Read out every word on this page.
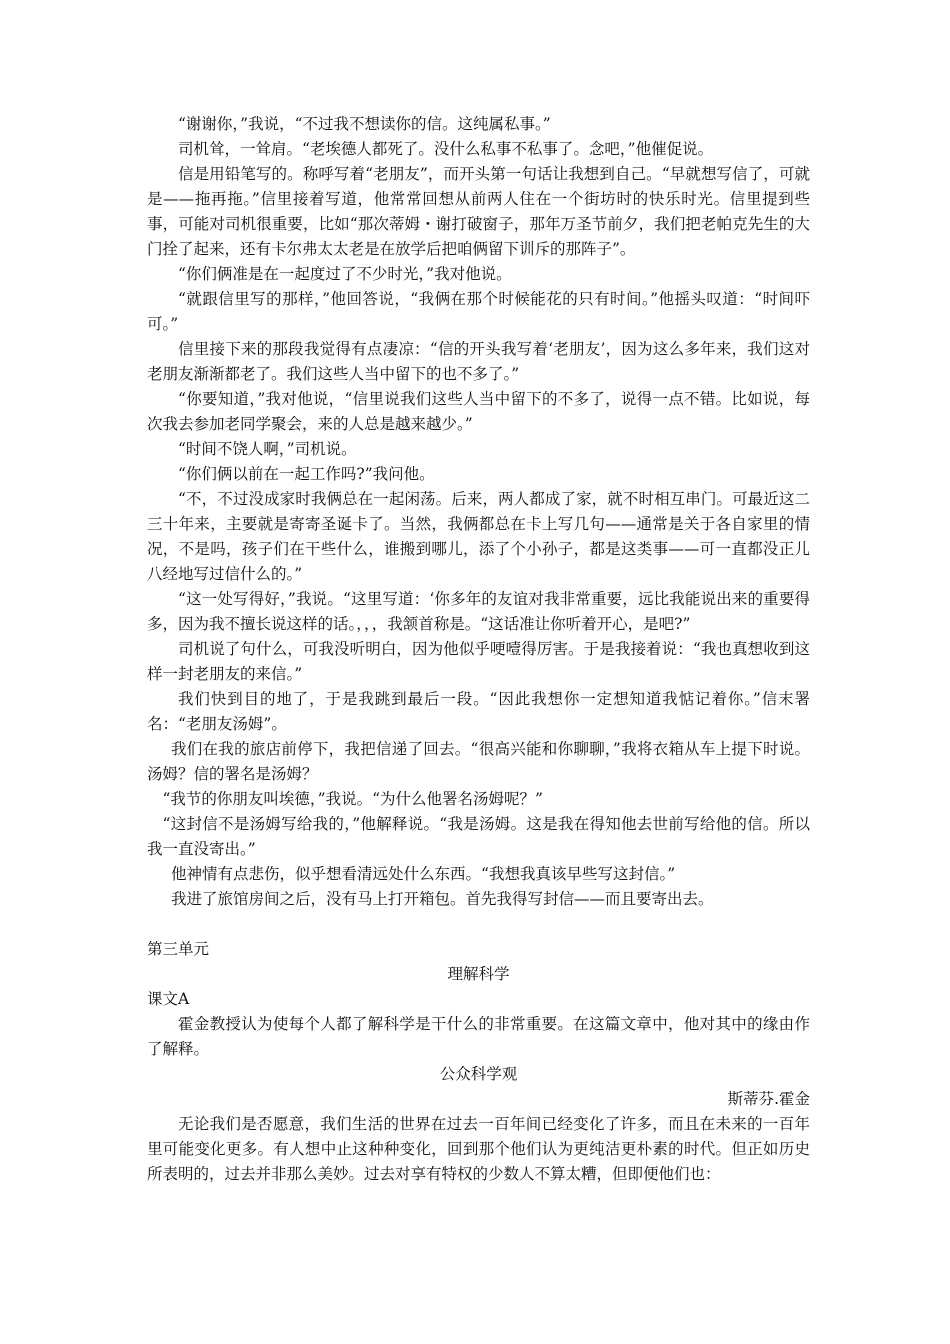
“谢谢你，”我说，“不过我不想读你的信。这纯属私事。”

司机耸，一耸肩。“老埃德人都死了。没什么私事不私事了。念吧，”他催促说。

信是用铅笔写的。称呼写着“老朋友”，而开头第一句话让我想到自己。“早就想写信了，可就是——拖再拖。”信里接着写道，他常常回想从前两人住在一个街坊时的快乐时光。信里提到些事，可能对司机很重要，比如“那次蒂姆・谢打破窗子，那年万圣节前夕，我们把老帕克先生的大门拴了起来，还有卡尔弗太太老是在放学后把咱俩留下训斥的那阵子”。

“你们俩准是在一起度过了不少时光，”我对他说。

“就跟信里写的那样，”他回答说，“我俩在那个时候能花的只有时间。”他摇头叹道：“时间吓可。”

信里接下来的那段我觉得有点凄凉：“信的开头我写着‘老朋友’，因为这么多年来，我们这对老朋友渐渐都老了。我们这些人当中留下的也不多了。”

“你要知道，”我对他说，“信里说我们这些人当中留下的不多了，说得一点不错。比如说，每次我去参加老同学聚会，来的人总是越来越少。”

“时间不饶人啊，”司机说。

“你们俩以前在一起工作吗?”我问他。

“不，不过没成家时我俩总在一起闲荡。后来，两人都成了家，就不时相互串门。可最近这二三十年来，主要就是寄寄圣诞卡了。当然，我俩都总在卡上写几句——通常是关于各自家里的情况，不是吗，孩子们在干些什么，谁搬到哪儿，添了个小孙子，都是这类事——可一直都没正儿八经地写过信什么的。”

“这一处写得好，”我说。“这里写道：‘你多年的友谊对我非常重要，远比我能说出来的重要得多，因为我不擅长说这样的话。，，，我颔首称是。“这话准让你听着开心，是吧?”

司机说了句什么，可我没听明白，因为他似乎哽噎得厉害。于是我接着说：“我也真想收到这样一封老朋友的来信。”

我们快到目的地了，于是我跳到最后一段。“因此我想你一定想知道我惦记着你。”信末署名：“老朋友汤姆”。

我们在我的旅店前停下，我把信递了回去。“很高兴能和你聊聊，”我将衣箱从车上提下时说。汤姆？信的署名是汤姆？

“我节的你朋友叫埃德，”我说。“为什么他署名汤姆呢？”

“这封信不是汤姆写给我的，”他解释说。“我是汤姆。这是我在得知他去世前写给他的信。所以我一直没寄出。”

他神情有点悲伤，似乎想看清远处什么东西。“我想我真该早些写这封信。”

我进了旅馆房间之后，没有马上打开箱包。首先我得写封信——而且要寄出去。

第三单元

理解科学

课文A

霍金教授认为使每个人都了解科学是干什么的非常重要。在这篇文章中，他对其中的缘由作了解释。

公众科学观

斯蒂芬.霍金

无论我们是否愿意，我们生活的世界在过去一百年间已经变化了许多，而且在未来的一百年里可能变化更多。有人想中止这种种变化，回到那个他们认为更纯洁更朴素的时代。但正如历史所表明的，过去并非那么美妙。过去对享有特权的少数人不算太糟，但即便他们也：
